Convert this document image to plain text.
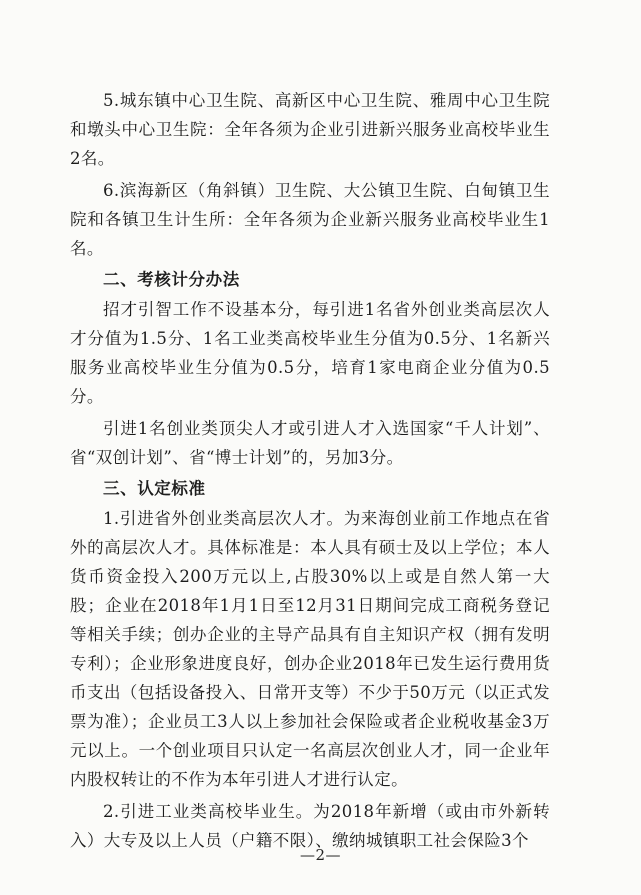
5.城东镇中心卫生院、高新区中心卫生院、雅周中心卫生院和墩头中心卫生院：全年各须为企业引进新兴服务业高校毕业生2名。

6.滨海新区（角斜镇）卫生院、大公镇卫生院、白甸镇卫生院和各镇卫生计生所：全年各须为企业新兴服务业高校毕业生1名。

二、考核计分办法

招才引智工作不设基本分，每引进1名省外创业类高层次人才分值为1.5分、1名工业类高校毕业生分值为0.5分、1名新兴服务业高校毕业生分值为0.5分，培育1家电商企业分值为0.5分。

引进1名创业类顶尖人才或引进人才入选国家“千人计划”、省“双创计划”、省“博士计划”的，另加3分。

三、认定标准

1.引进省外创业类高层次人才。为来海创业前工作地点在省外的高层次人才。具体标准是：本人具有硕士及以上学位；本人货币资金投入200万元以上,占股30%以上或是自然人第一大股；企业在2018年1月1日至12月31日期间完成工商税务登记等相关手续；创办企业的主导产品具有自主知识产权（拥有发明专利）；企业形象进度良好，创办企业2018年已发生运行费用货币支出（包括设备投入、日常开支等）不少于50万元（以正式发票为准）；企业员工3人以上参加社会保险或者企业税收基金3万元以上。一个创业项目只认定一名高层次创业人才，同一企业年内股权转让的不作为本年引进人才进行认定。

2.引进工业类高校毕业生。为2018年新增（或由市外新转入）大专及以上人员（户籍不限）、缴纳城镇职工社会保险3个

—2—
